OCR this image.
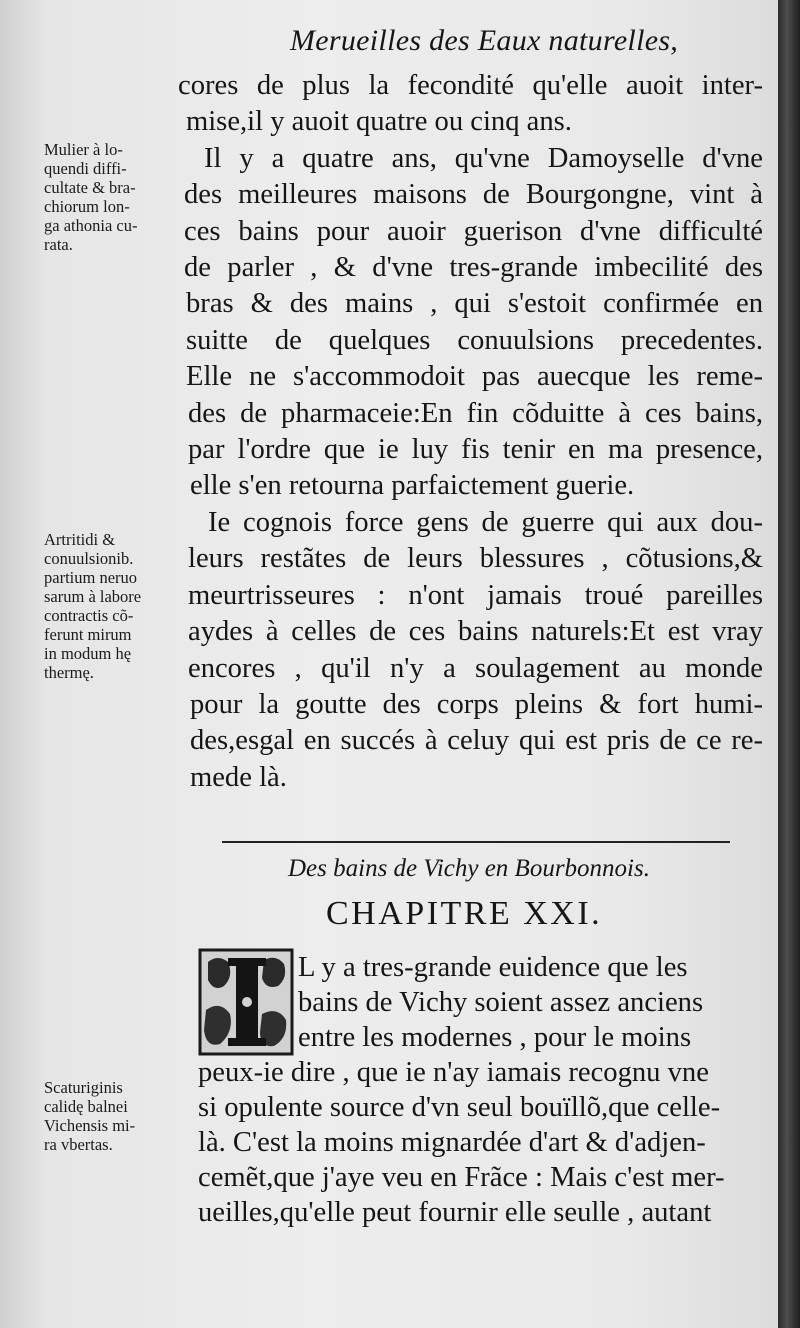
Merueilles des Eaux naturelles,
cores de plus la fecondité qu'elle auoit inter-
mise,il y auoit quatre ou cinq ans.
Il y a quatre ans, qu'vne Damoyselle d'vne
des meilleures maisons de Bourgongne, vint à
ces bains pour auoir guerison d'vne difficulté
de parler , & d'vne tres-grande imbecilité des
bras & des mains , qui s'estoit confirmée en
suitte de quelques conuulsions precedentes.
Elle ne s'accommodoit pas auecque les reme-
des de pharmaceie:En fin cõduitte à ces bains,
par l'ordre que ie luy fis tenir en ma presence,
elle s'en retourna parfaictement guerie.
Ie cognois force gens de guerre qui aux dou-
leurs restãtes de leurs blessures , cõtusions,&
meurtrisseures : n'ont jamais troué pareilles
aydes à celles de ces bains naturels:Et est vray
encores , qu'il n'y a soulagement au monde
pour la goutte des corps pleins & fort humi-
des,esgal en succés à celuy qui est pris de ce re-
mede là.
Mulier à lo-
quendi diffi-
cultate & bra-
chiorum lon-
ga athonia cu-
rata.
Artritidi &
conuulsionib.
partium neruo
sarum à labore
contractis cõ-
ferunt mirum
in modum hę
thermę.
Scaturiginis
calidę balnei
Vichensis mi-
ra vbertas.
Des bains de Vichy en Bourbonnois.
CHAPITRE XXI.
L y a tres-grande euidence que les
bains de Vichy soient assez anciens
entre les modernes , pour le moins
peux-ie dire , que ie n'ay iamais recognu vne
si opulente source d'vn seul bouïllõ,que celle-
là. C'est la moins mignardée d'art & d'adjen-
cemẽt,que j'aye veu en Frãce : Mais c'est mer-
ueilles,qu'elle peut fournir elle seulle , autant
